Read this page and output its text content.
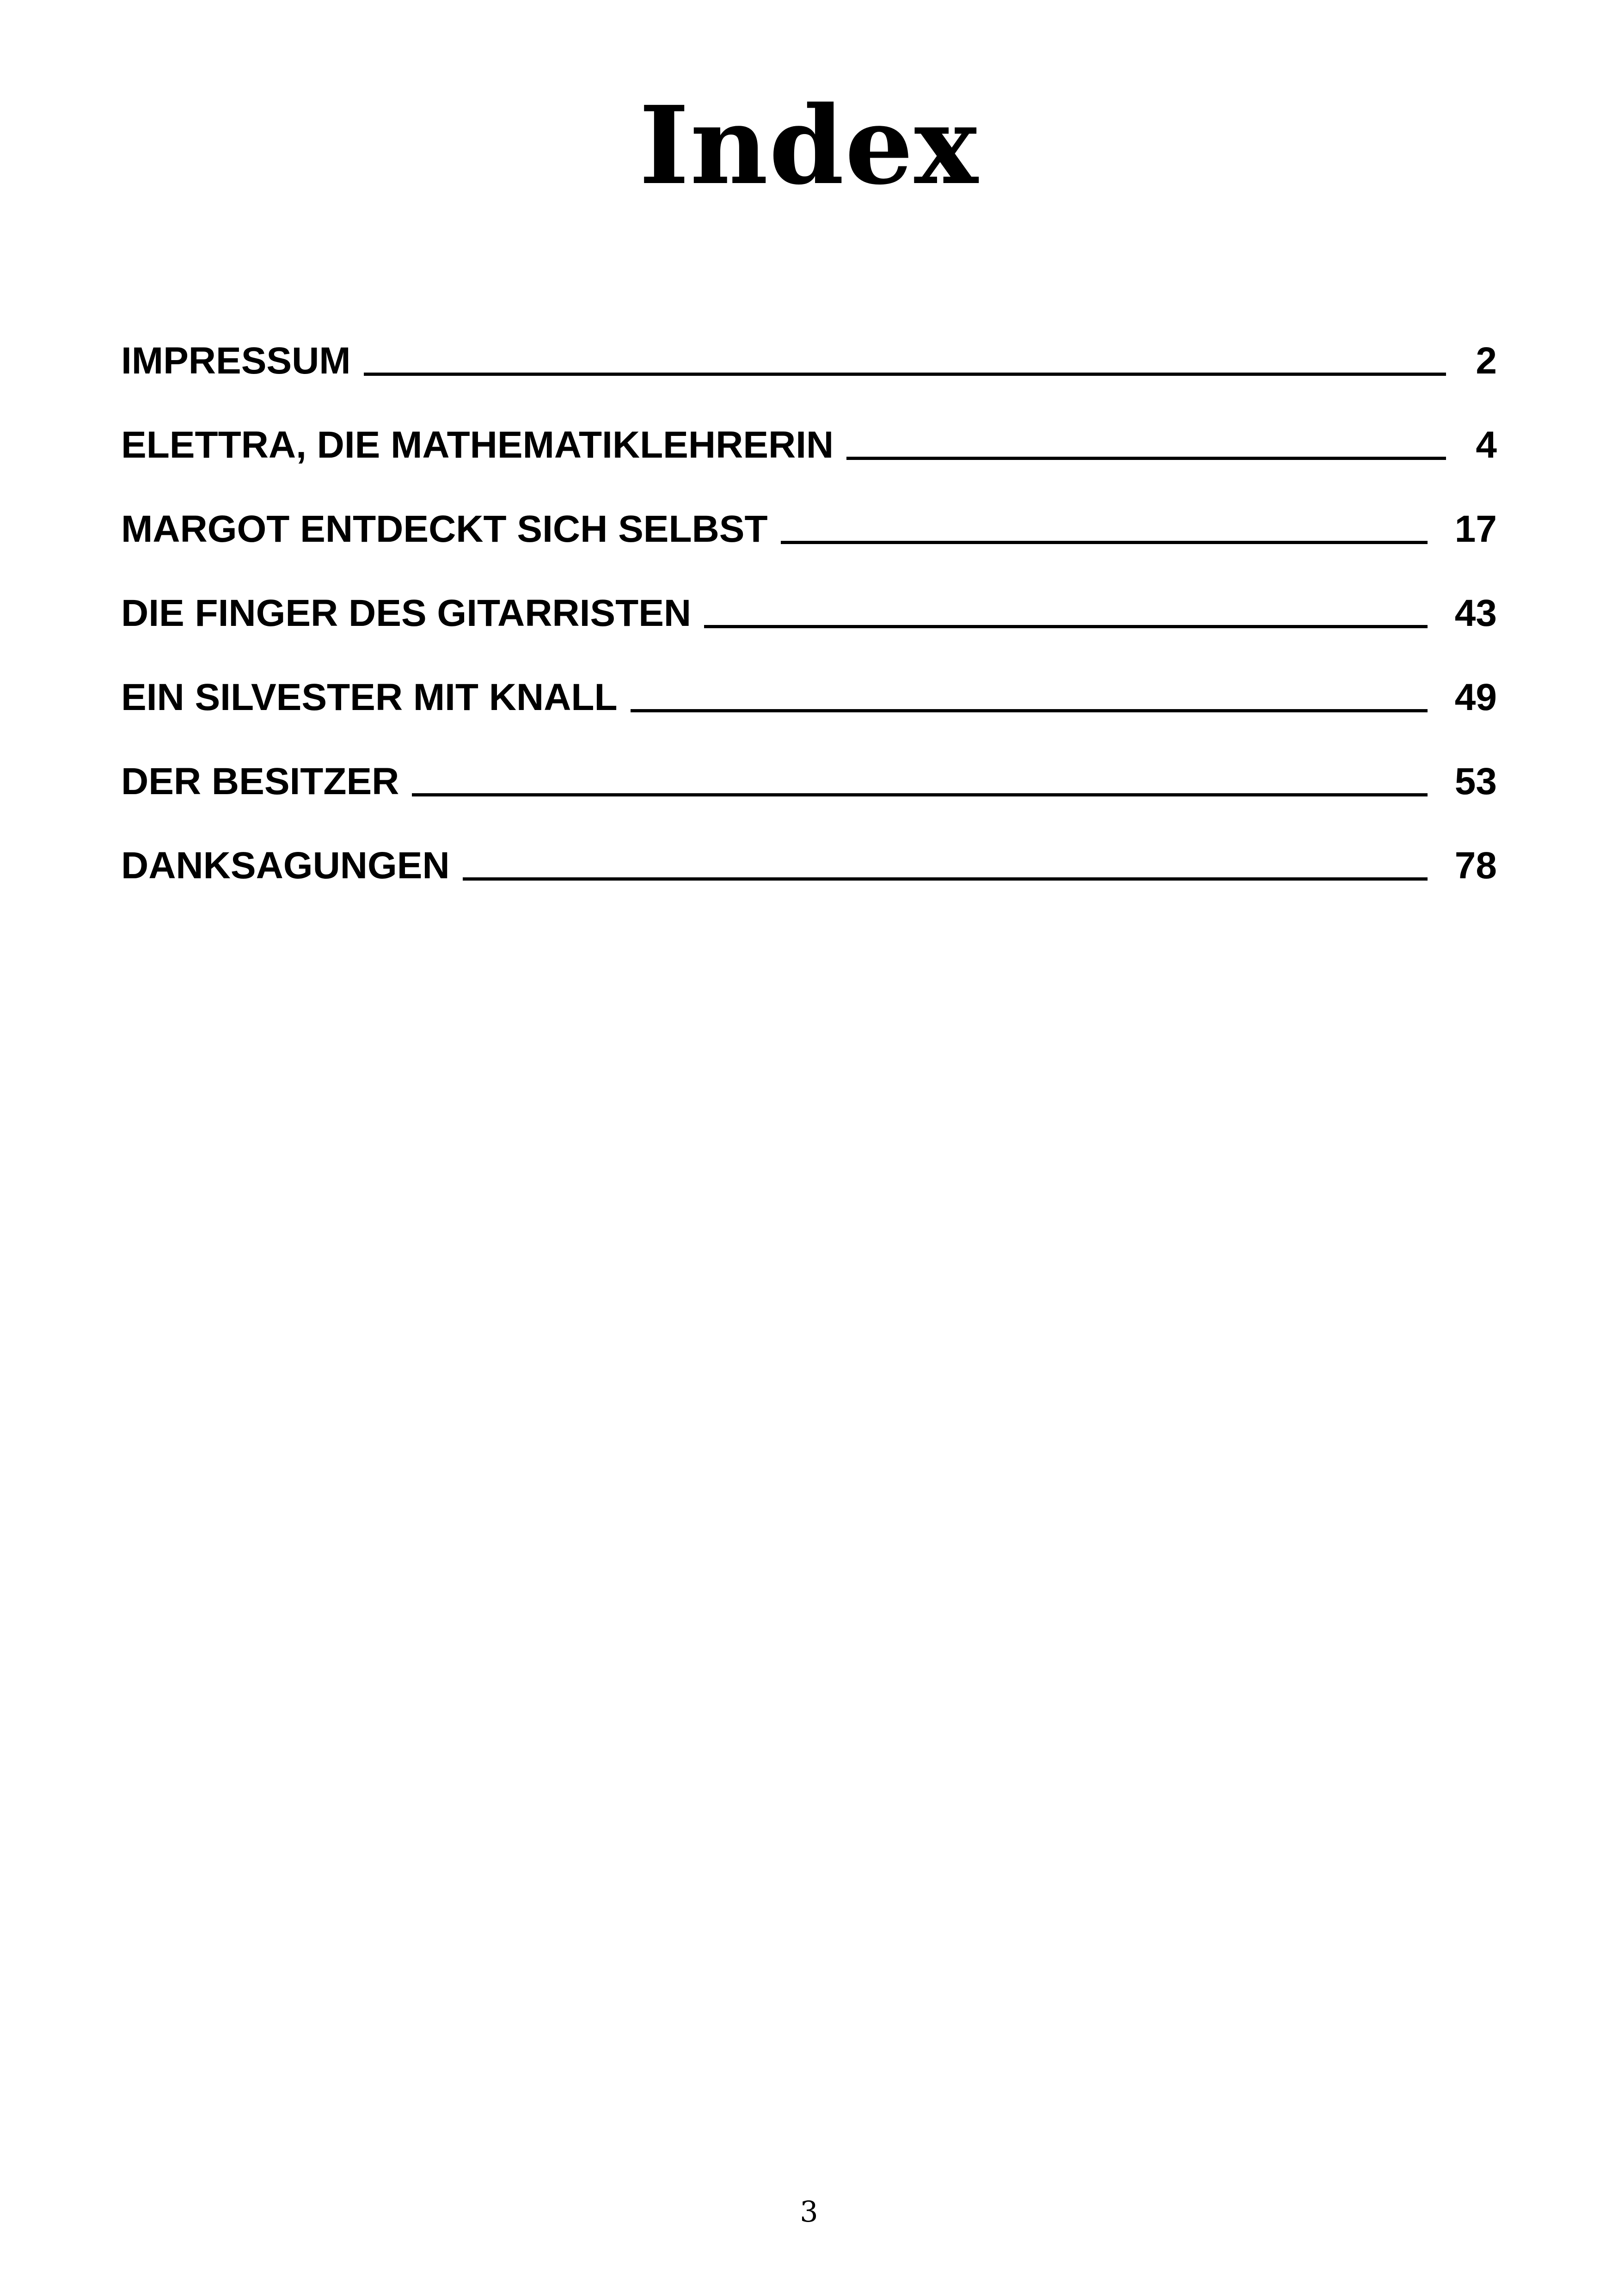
Index
IMPRESSUM	2
ELETTRA, DIE MATHEMATIKLEHRERIN	4
MARGOT ENTDECKT SICH SELBST	17
DIE FINGER DES GITARRISTEN	43
EIN SILVESTER MIT KNALL	49
DER BESITZER	53
DANKSAGUNGEN	78
3
